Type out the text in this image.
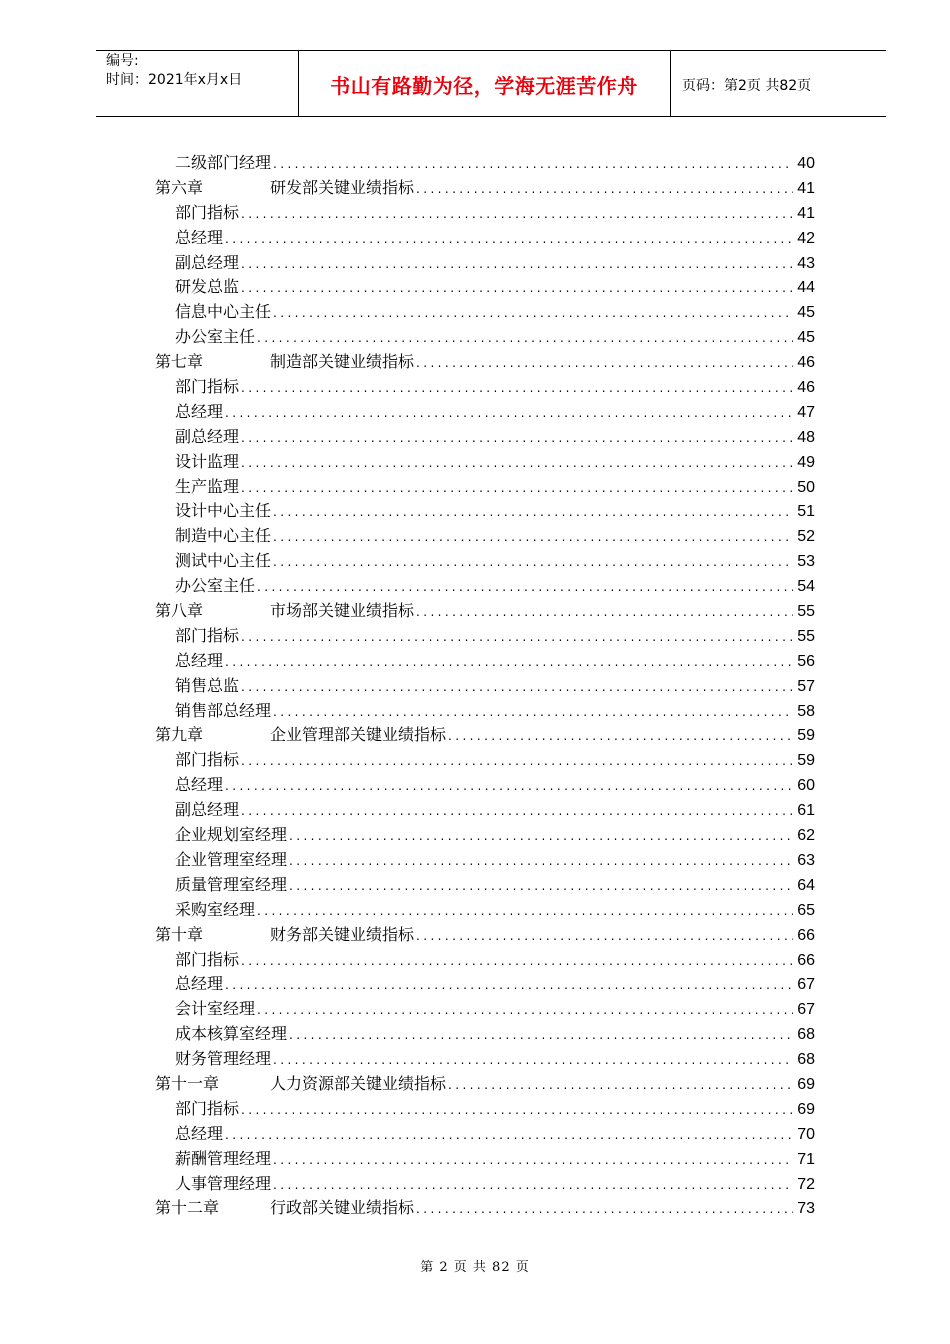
编号:
时间：2021年x月x日	书山有路勤为径，学海无涯苦作舟	页码：第2页 共82页
二级部门经理 .....	40
第六章	研发部关键业绩指标 .....	41
部门指标 .....	41
总经理 .....	42
副总经理 .....	43
研发总监 .....	44
信息中心主任 .....	45
办公室主任 .....	45
第七章	制造部关键业绩指标 .....	46
部门指标 .....	46
总经理 .....	47
副总经理 .....	48
设计监理 .....	49
生产监理 .....	50
设计中心主任 .....	51
制造中心主任 .....	52
测试中心主任 .....	53
办公室主任 .....	54
第八章	市场部关键业绩指标 .....	55
部门指标 .....	55
总经理 .....	56
销售总监 .....	57
销售部总经理 .....	58
第九章	企业管理部关键业绩指标 .....	59
部门指标 .....	59
总经理 .....	60
副总经理 .....	61
企业规划室经理 .....	62
企业管理室经理 .....	63
质量管理室经理 .....	64
采购室经理 .....	65
第十章	财务部关键业绩指标 .....	66
部门指标 .....	66
总经理 .....	67
会计室经理 .....	67
成本核算室经理 .....	68
财务管理经理 .....	68
第十一章	人力资源部关键业绩指标 .....	69
部门指标 .....	69
总经理 .....	70
薪酬管理经理 .....	71
人事管理经理 .....	72
第十二章	行政部关键业绩指标 .....	73
第 2 页 共 82 页
